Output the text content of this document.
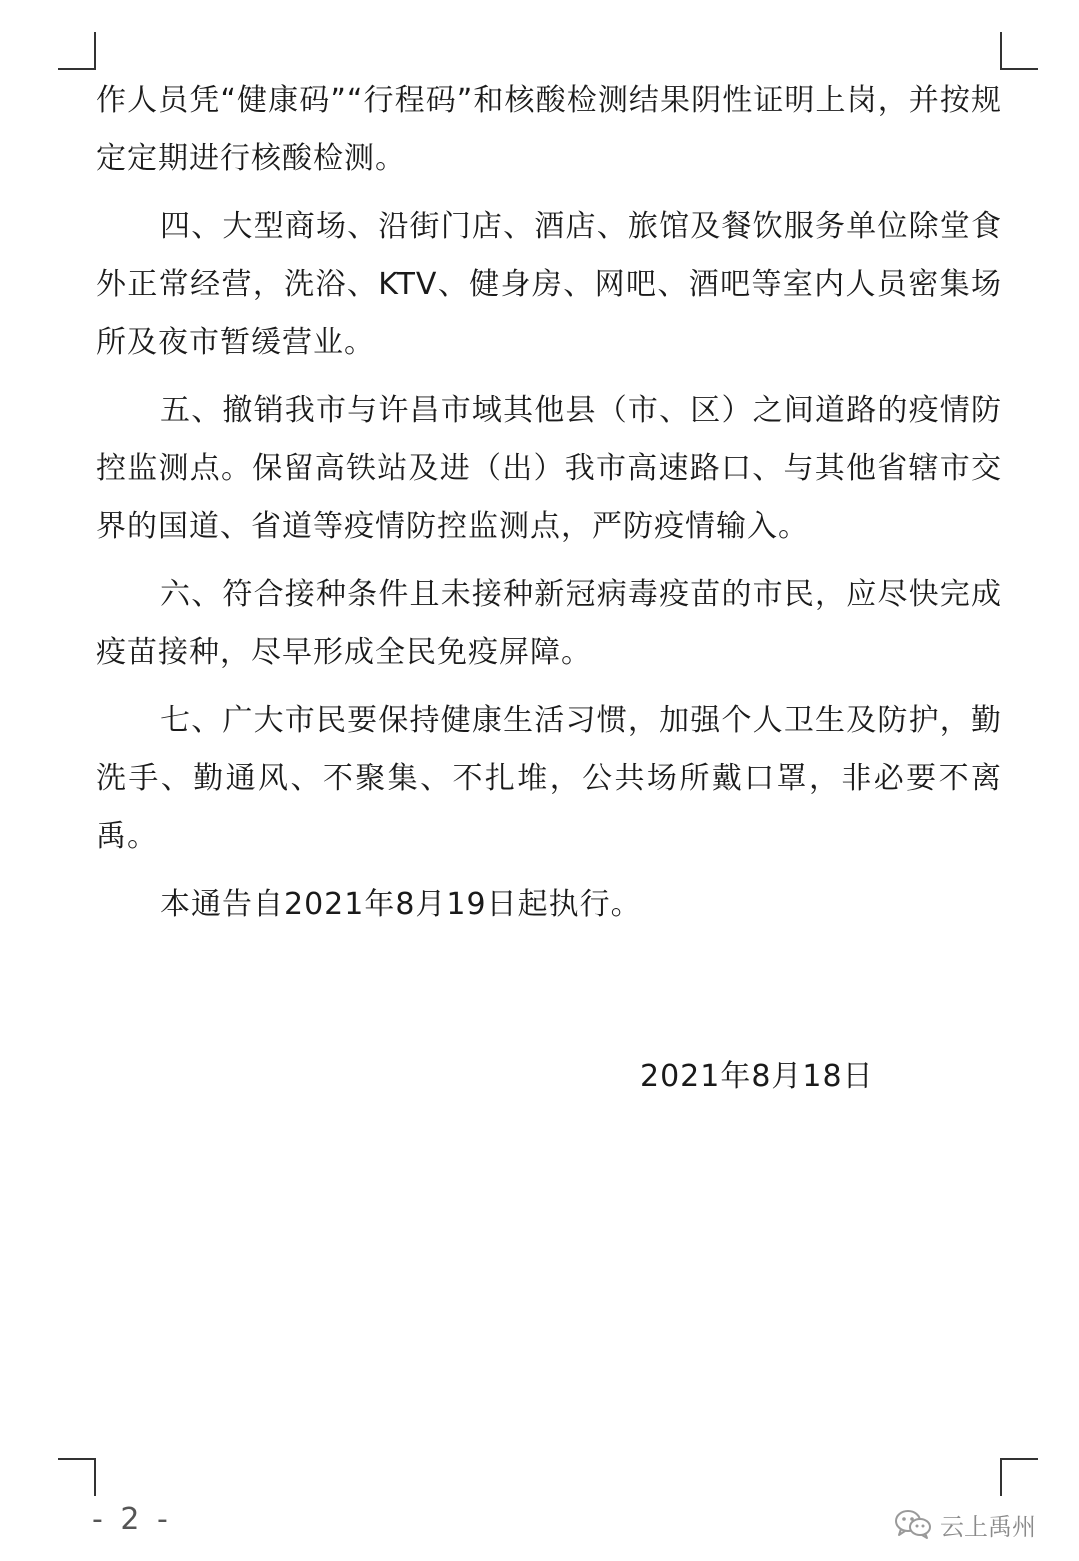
作人员凭“健康码”“行程码”和核酸检测结果阴性证明上岗，并按规定定期进行核酸检测。

四、大型商场、沿街门店、酒店、旅馆及餐饮服务单位除堂食外正常经营，洗浴、KTV、健身房、网吧、酒吧等室内人员密集场所及夜市暂缓营业。

五、撤销我市与许昌市域其他县（市、区）之间道路的疫情防控监测点。保留高铁站及进（出）我市高速路口、与其他省辖市交界的国道、省道等疫情防控监测点，严防疫情输入。

六、符合接种条件且未接种新冠病毒疫苗的市民，应尽快完成疫苗接种，尽早形成全民免疫屏障。

七、广大市民要保持健康生活习惯，加强个人卫生及防护，勤洗手、勤通风、不聚集、不扎堆，公共场所戴口罩，非必要不离禹。

本通告自2021年8月19日起执行。

2021年8月18日
- 2 -	云上禹州
